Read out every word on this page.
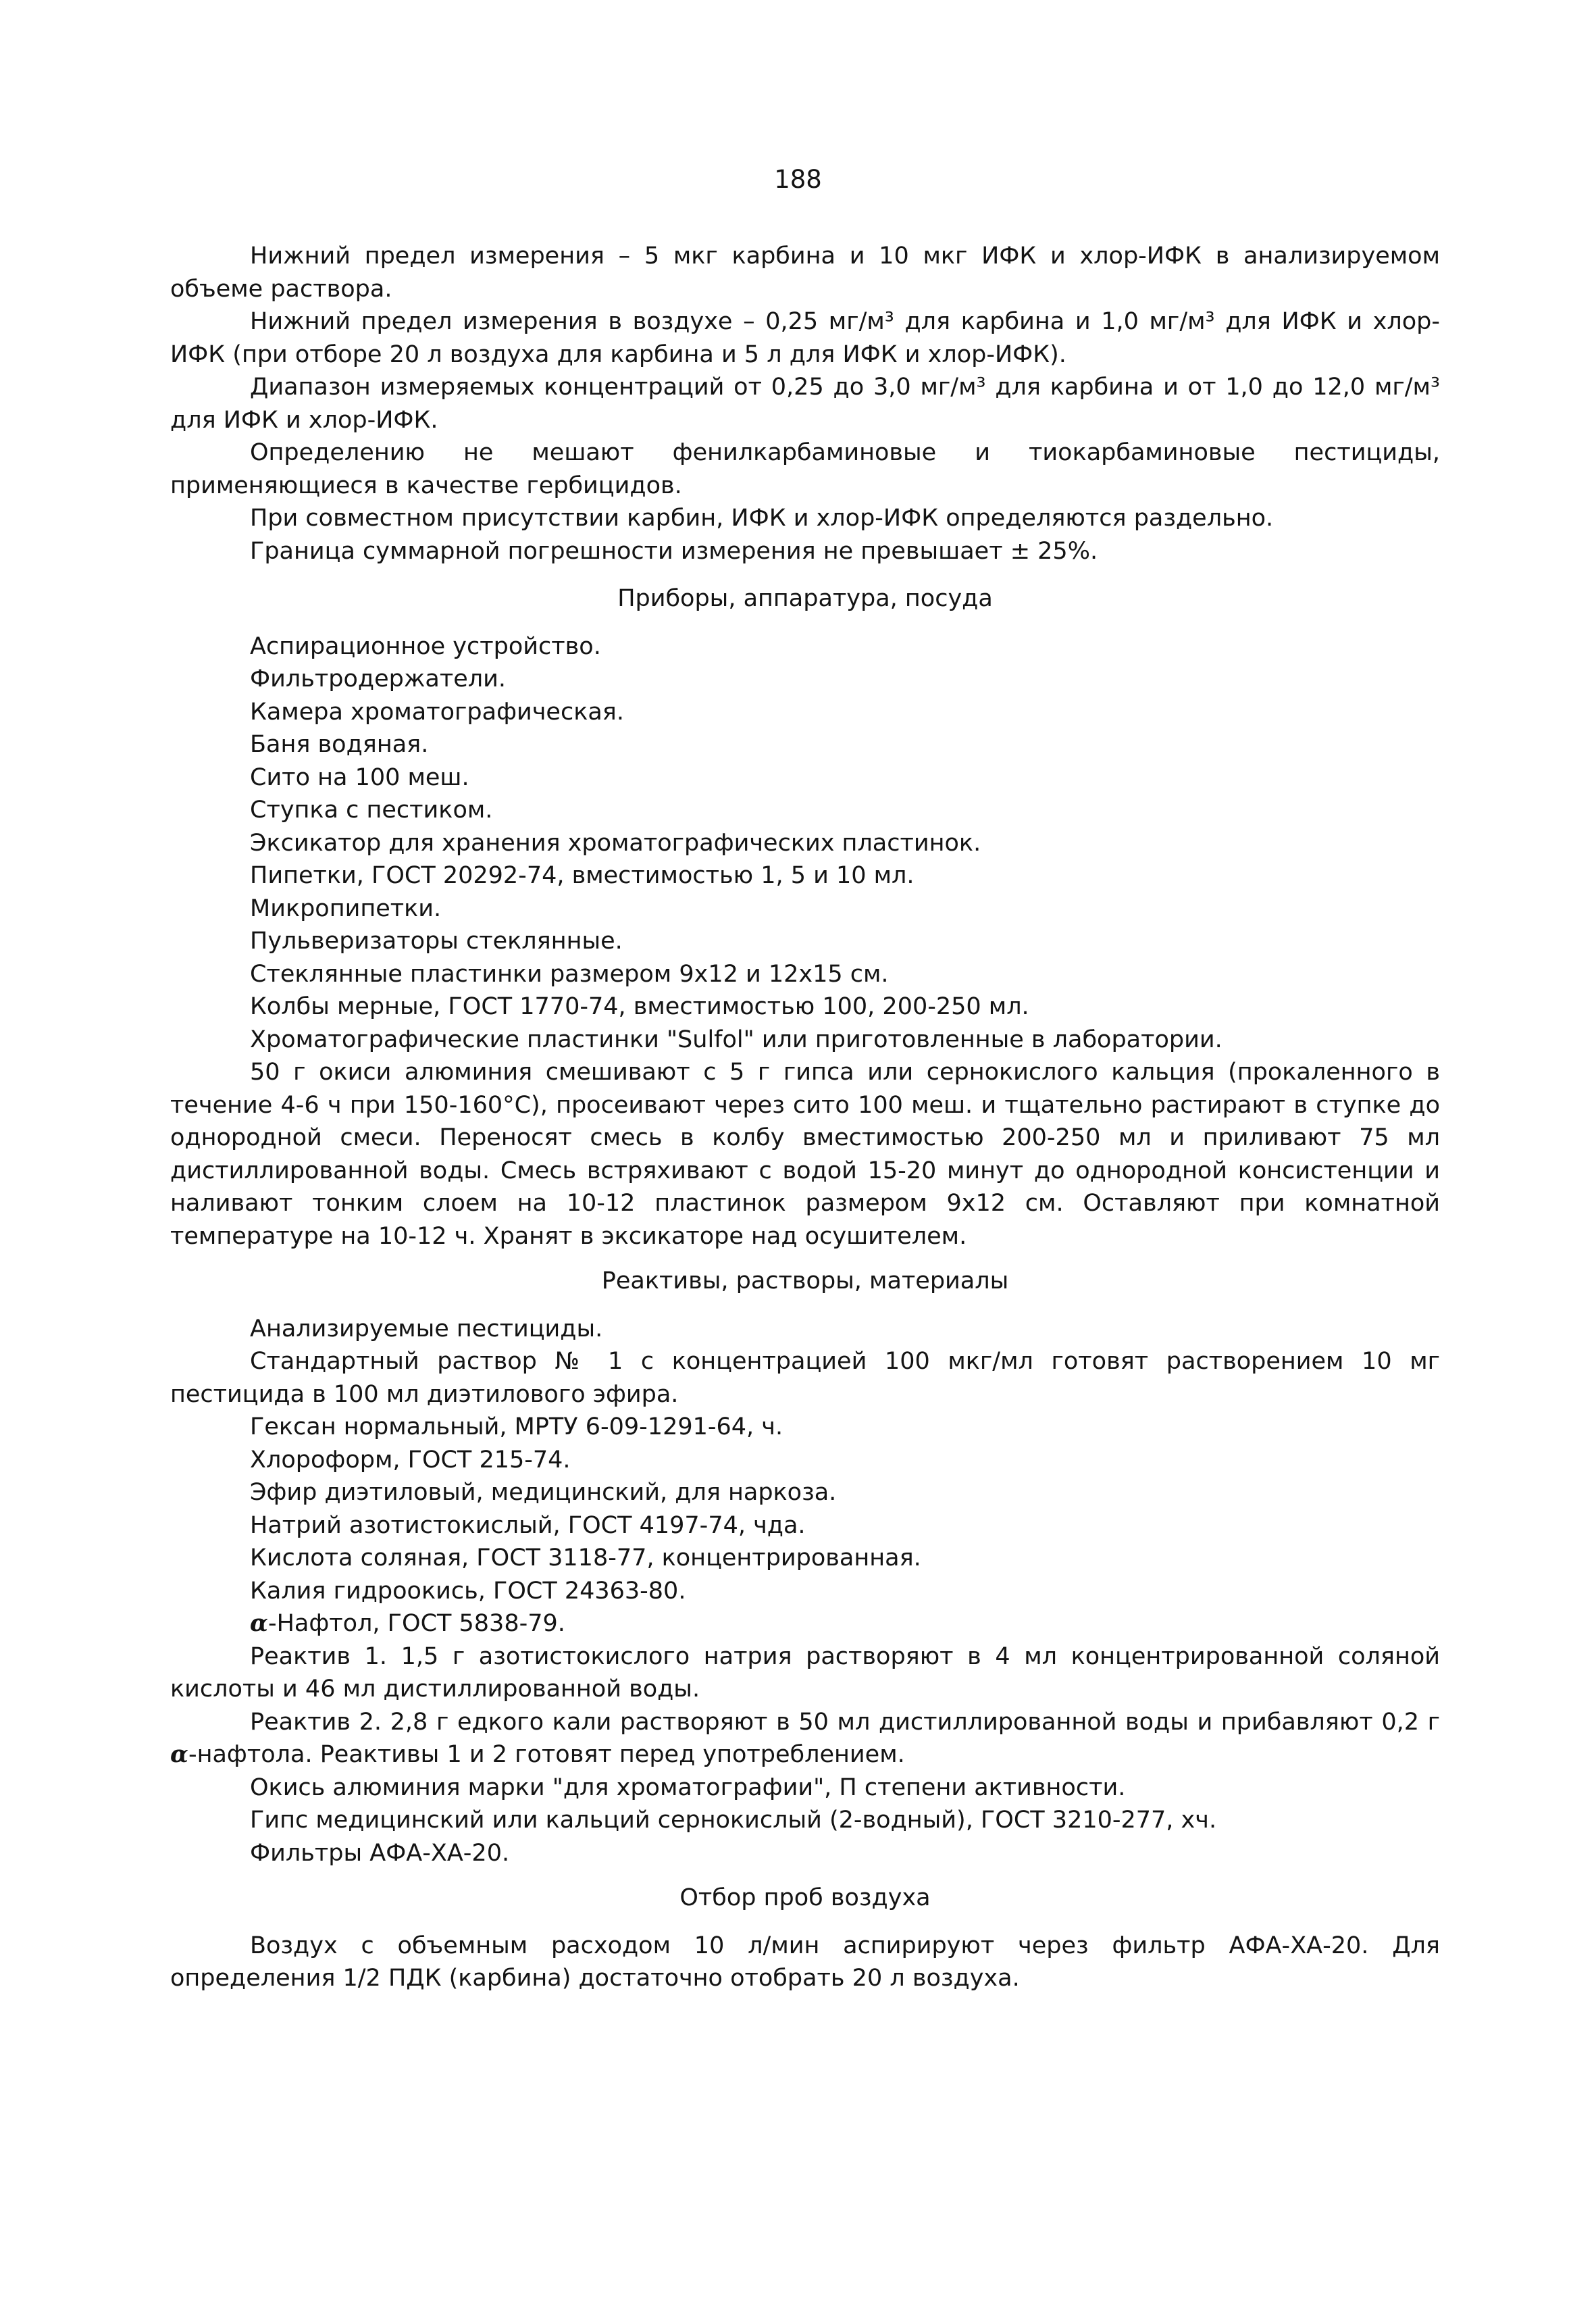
188

Нижний предел измерения – 5 мкг карбина и 10 мкг ИФК и хлор-ИФК в анализируемом объеме раствора.

Нижний предел измерения в воздухе – 0,25 мг/м³ для карбина и 1,0 мг/м³ для ИФК и хлор-ИФК (при отборе 20 л воздуха для карбина и 5 л для ИФК и хлор-ИФК).

Диапазон измеряемых концентраций от 0,25 до 3,0 мг/м³ для карбина и от 1,0 до 12,0 мг/м³ для ИФК и хлор-ИФК.

Определению не мешают фенилкарбаминовые и тиокарбаминовые пестициды, применяющиеся в качестве гербицидов.

При совместном присутствии карбин, ИФК и хлор-ИФК определяются раздельно.

Граница суммарной погрешности измерения не превышает ± 25%.

Приборы, аппаратура, посуда

Аспирационное устройство.

Фильтродержатели.

Камера хроматографическая.

Баня водяная.

Сито на 100 меш.

Ступка с пестиком.

Эксикатор для хранения хроматографических пластинок.

Пипетки, ГОСТ 20292-74, вместимостью 1, 5 и 10 мл.

Микропипетки.

Пульверизаторы стеклянные.

Стеклянные пластинки размером 9х12 и 12х15 см.

Колбы мерные, ГОСТ 1770-74, вместимостью 100, 200-250 мл.

Хроматографические пластинки "Sulfol" или приготовленные в лаборатории.

50 г окиси алюминия смешивают с 5 г гипса или сернокислого кальция (прокаленного в течение 4-6 ч при 150-160°С), просеивают через сито 100 меш. и тщательно растирают в ступке до однородной смеси. Переносят смесь в колбу вместимостью 200-250 мл и приливают 75 мл дистиллированной воды. Смесь встряхивают с водой 15-20 минут до однородной консистенции и наливают тонким слоем на 10-12 пластинок размером 9х12 см. Оставляют при комнатной температуре на 10-12 ч. Хранят в эксикаторе над осушителем.

Реактивы, растворы, материалы

Анализируемые пестициды.

Стандартный раствор № 1 с концентрацией 100 мкг/мл готовят растворением 10 мг пестицида в 100 мл диэтилового эфира.

Гексан нормальный, МРТУ 6-09-1291-64, ч.

Хлороформ, ГОСТ 215-74.

Эфир диэтиловый, медицинский, для наркоза.

Натрий азотистокислый, ГОСТ 4197-74, чда.

Кислота соляная, ГОСТ 3118-77, концентрированная.

Калия гидроокись, ГОСТ 24363-80.

α-Нафтол, ГОСТ 5838-79.

Реактив 1. 1,5 г азотистокислого натрия растворяют в 4 мл концентрированной соляной кислоты и 46 мл дистиллированной воды.

Реактив 2. 2,8 г едкого кали растворяют в 50 мл дистиллированной воды и прибавляют 0,2 г α-нафтола. Реактивы 1 и 2 готовят перед употреблением.

Окись алюминия марки "для хроматографии", П степени активности.

Гипс медицинский или кальций сернокислый (2-водный), ГОСТ 3210-277, хч.

Фильтры АФА-ХА-20.

Отбор проб воздуха

Воздух с объемным расходом 10 л/мин аспирируют через фильтр АФА-ХА-20. Для определения 1/2 ПДК (карбина) достаточно отобрать 20 л воздуха.
